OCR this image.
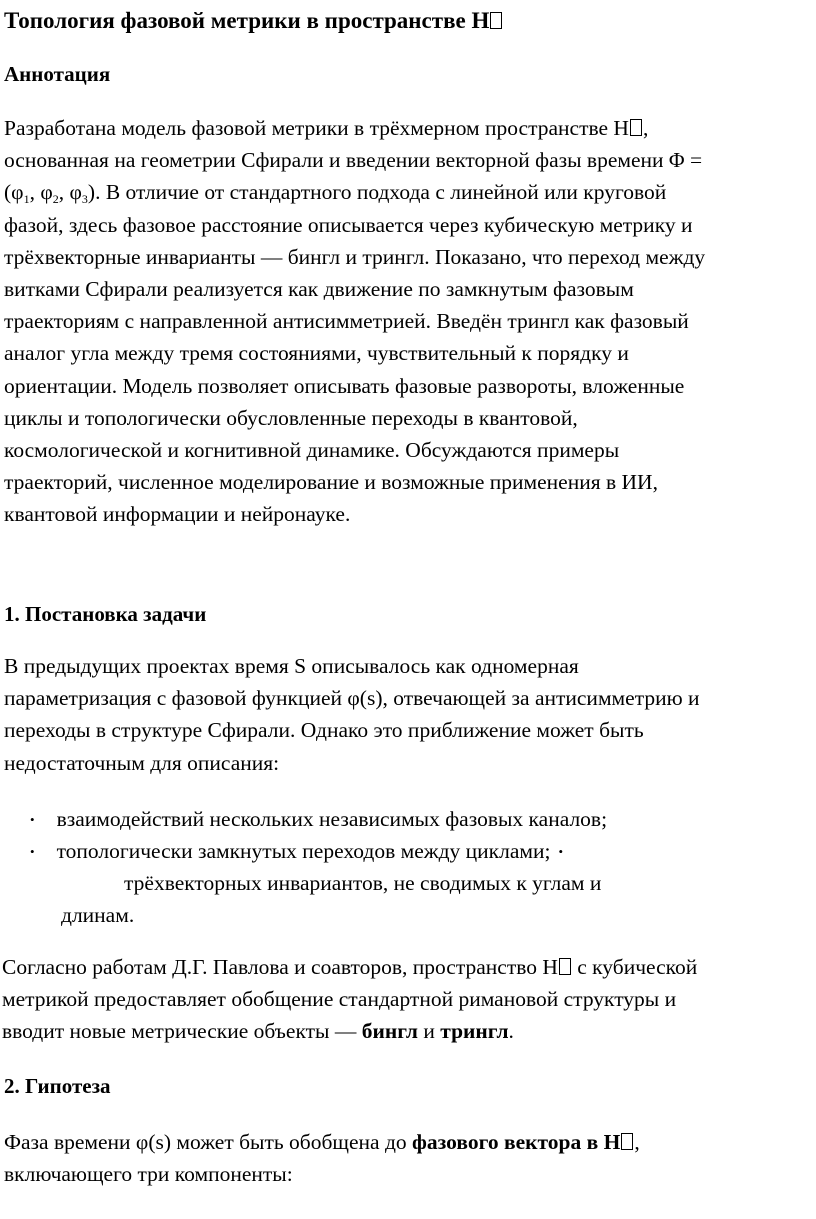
Топология фазовой метрики в пространстве H
Аннотация
Разработана модель фазовой метрики в трёхмерном пространстве H ,
основанная на геометрии Сфирали и введении векторной фазы времени Φ =
($\varphi_1$, $\varphi_2$, $\varphi_3$). В отличие от стандартного подхода с линейной или круговой
фазой, здесь фазовое расстояние описывается через кубическую метрику и
трёхвекторные инварианты — бингл и трингл. Показано, что переход между
витками Сфирали реализуется как движение по замкнутым фазовым
траекториям с направленной антисимметрией. Введён трингл как фазовый
аналог угла между тремя состояниями, чувствительный к порядку и
ориентации. Модель позволяет описывать фазовые развороты, вложенные
циклы и топологически обусловленные переходы в квантовой,
космологической и когнитивной динамике. Обсуждаются примеры
траекторий, численное моделирование и возможные применения в ИИ,
квантовой информации и нейронауке.
1. Постановка задачи
В предыдущих проектах время S описывалось как одномерная
параметризация с фазовой функцией φ(s), отвечающей за антисимметрию и
переходы в структуре Сфирали. Однако это приближение может быть
недостаточным для описания:
• взаимодействий нескольких независимых фазовых каналов;
• топологически замкнутых переходов между циклами; •
трёхвекторных инвариантов, не сводимых к углам и
длинам.
Согласно работам Д.Г. Павлова и соавторов, пространство H с кубической
метрикой предоставляет обобщение стандартной римановой структуры и
вводит новые метрические объекты — бингл и трингл.
2. Гипотеза
Фаза времени φ(s) может быть обобщена до фазового вектора в H ,
включающего три компоненты:
